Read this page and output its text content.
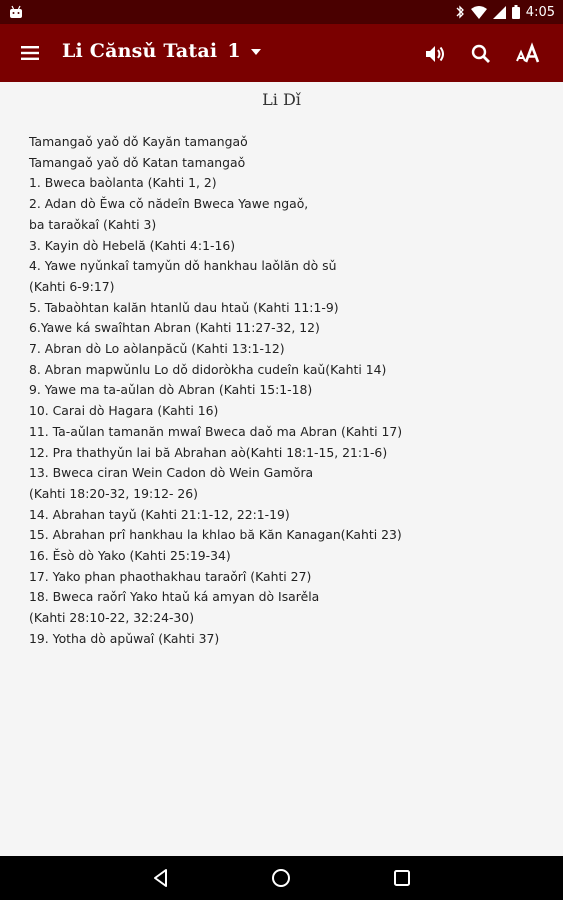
4:05
Li Cănsǔ Tatai 1
Li Dǐ
Tamangaǒ yaǒ dǒ Kayăn tamangaǒ
Tamangaǒ yaǒ dǒ Katan tamangaǒ
1. Bweca baòlanta (Kahti 1, 2)
2. Adan dò Ěwa cǒ nădeîn Bweca Yawe ngaǒ,
ba taraǒkaî (Kahti 3)
3. Kayin dò Hebelă (Kahti 4:1-16)
4. Yawe nyǔnkaî tamyǔn dǒ hankhau laǒlăn dò sǔ
(Kahti 6-9:17)
5. Tabaòhtan kalăn htanlǔ dau htaǔ (Kahti 11:1-9)
6.Yawe ká swaîhtan Abran (Kahti 11:27-32, 12)
7. Abran dò Lo aòlanpăcǔ (Kahti 13:1-12)
8. Abran mapwǔnlu Lo dǒ didoròkha cudeîn kaǔ(Kahti 14)
9. Yawe ma ta-aǔlan dò Abran (Kahti 15:1-18)
10. Carai dò Hagara (Kahti 16)
11. Ta-aǔlan tamanăn mwaî Bweca daǒ ma Abran (Kahti 17)
12. Pra thathyǔn lai bă Abrahan aò(Kahti 18:1-15, 21:1-6)
13. Bweca ciran Wein Cadon dò Wein Gamŏra
(Kahti 18:20-32, 19:12- 26)
14. Abrahan tayǔ (Kahti 21:1-12, 22:1-19)
15. Abrahan prî hankhau la khlao bă Kăn Kanagan(Kahti 23)
16. Ěsò dò Yako (Kahti 25:19-34)
17. Yako phan phaothakhau taraǒrî (Kahti 27)
18. Bweca raǒrî Yako htaǔ ká amyan dò Isarěla
(Kahti 28:10-22, 32:24-30)
19. Yotha dò apǔwaî (Kahti 37)
